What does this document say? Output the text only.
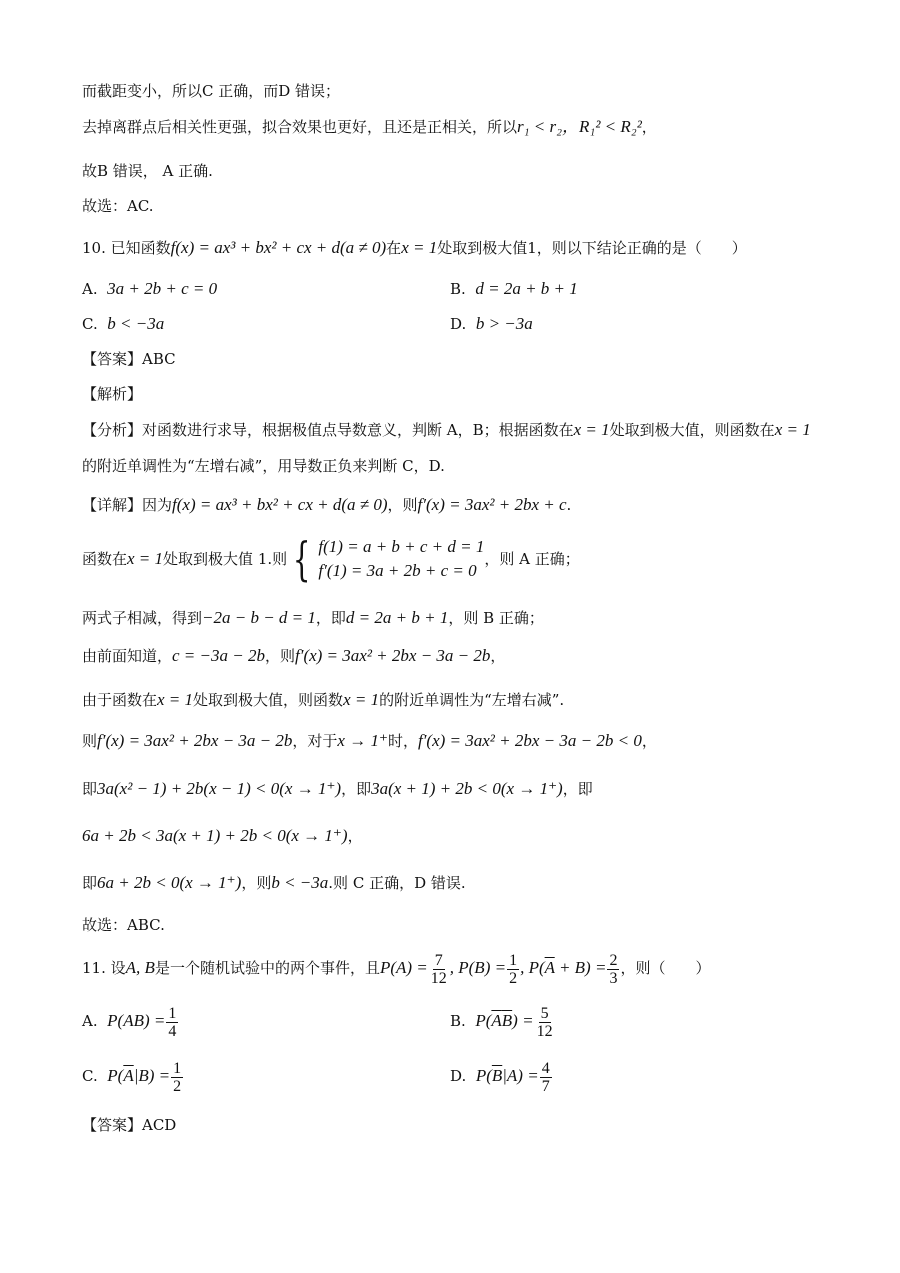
而截距变小，所以C 正确，而D 错误；
去掉离群点后相关性更强，拟合效果也更好，且还是正相关，所以r₁ < r₂，R₁² < R₂²，
故B 错误， A 正确.
故选：AC.
10. 已知函数f(x) = ax³ + bx² + cx + d(a ≠ 0)在x = 1处取到极大值1，则以下结论正确的是（　　）
A. 3a + 2b + c = 0	B. d = 2a + b + 1
C. b < −3a	D. b > −3a
【答案】ABC
【解析】
【分析】对函数进行求导，根据极值点导数意义，判断 A，B；根据函数在x = 1处取到极大值，则函数在x = 1
的附近单调性为“左增右减”，用导数正负来判断 C，D.
【详解】因为f(x) = ax³ + bx² + cx + d(a ≠ 0)，则f′(x) = 3ax² + 2bx + c.
函数在x = 1处取到极大值 1.则 { f(1) = a + b + c + d = 1
f′(1) = 3a + 2b + c = 0
，则 A 正确；
两式子相减，得到−2a − b − d = 1，即d = 2a + b + 1，则 B 正确；
由前面知道，c = −3a − 2b，则f′(x) = 3ax² + 2bx − 3a − 2b，
由于函数在x = 1处取到极大值，则函数x = 1的附近单调性为“左增右减”.
则f′(x) = 3ax² + 2bx − 3a − 2b，对于x → 1⁺时，f′(x) = 3ax² + 2bx − 3a − 2b < 0，
即3a(x² − 1) + 2b(x − 1) < 0(x → 1⁺)，即3a(x + 1) + 2b < 0(x → 1⁺)，即
6a + 2b < 3a(x + 1) + 2b < 0(x → 1⁺)，
即6a + 2b < 0(x → 1⁺)，则b < −3a.则 C 正确，D 错误.
故选：ABC.
11. 设A, B是一个随机试验中的两个事件，且$P(A) = \frac{7}{12}$ , $P(B) = \frac{1}{2}$ , $P(\overline{A} + B) = \frac{2}{3}$ ，则（　　）
A. $P(AB) = \frac{1}{4}$	B. $P(\overline{A}\overline{B}) = \frac{5}{12}$
C. $P(\overline{A}|B) = \frac{1}{2}$	D. $P(\overline{B}|A) = \frac{4}{7}$
【答案】ACD
